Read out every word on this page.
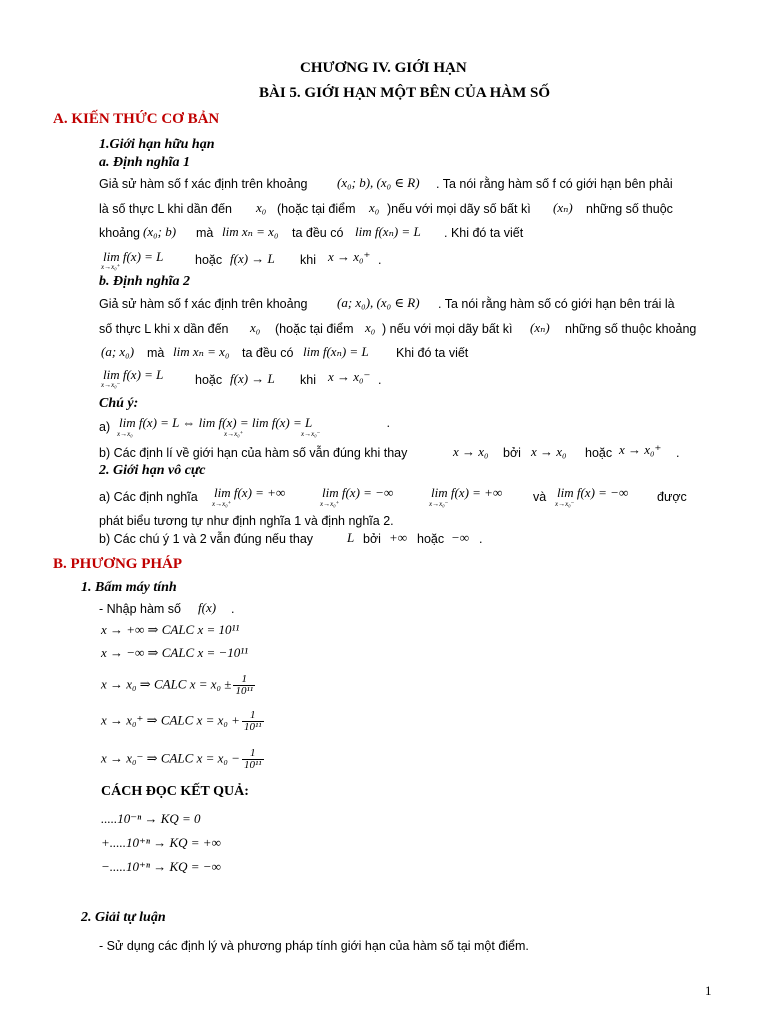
CHƯƠNG IV. GIỚI HẠN
BÀI 5. GIỚI HẠN MỘT BÊN CỦA HÀM SỐ
A. KIẾN THỨC CƠ BẢN
1.Giới hạn hữu hạn
a. Định nghĩa 1
Giả sử hàm số f xác định trên khoảng (x₀; b), (x₀ ∈ R) . Ta nói rằng hàm số f có giới hạn bên phải
là số thực L khi dần đến x₀ (hoặc tại điểm x₀ )nếu với mọi dãy số bất kì (xₙ) những số thuộc
khoảng (x₀; b) mà lim xₙ = x₀ ta đều có lim f(xₙ) = L . Khi đó ta viết
lim f(x) = L
x→x₀⁺	hoặc f(x) → L khi x → x₀⁺ .
b. Định nghĩa 2
Giả sử hàm số f xác định trên khoảng (a; x₀), (x₀ ∈ R) . Ta nói rằng hàm số có giới hạn bên trái là
số thực L khi x dần đến x₀ (hoặc tại điểm x₀ ) nếu với mọi dãy bất kì (xₙ) những số thuộc khoảng
(a; x₀) mà lim xₙ = x₀ ta đều có lim f(xₙ) = L Khi đó ta viết
lim f(x) = L
x→x₀⁻	hoặc f(x) → L khi x → x₀⁻ .
Chú ý:
a) lim f(x) = L ⇔ lim f(x) = lim f(x) = L
x→x₀	x→x₀⁺	x→x₀⁻
.
b) Các định lí về giới hạn của hàm số vẫn đúng khi thay	x → x₀ bởi x → x₀ hoặc x → x₀⁺ .
2. Giới hạn vô cực
a) Các định nghĩa lim f(x) = +∞	lim f(x) = −∞	lim f(x) = +∞ và lim f(x) = −∞ được
x→x₀⁺	x→x₀⁺	x→x₀⁻	x→x₀⁻
phát biểu tương tự như định nghĩa 1 và định nghĩa 2.
b) Các chú ý 1 và 2 vẫn đúng nếu thay	L bởi +∞ hoặc −∞ .
B. PHƯƠNG PHÁP
1. Bấm máy tính
- Nhập hàm số f(x) .
x → +∞ ⇒ CALC x = 10¹¹
x → −∞ ⇒ CALC x = −10¹¹
x → x₀ ⇒ CALC $x = x_0 \pm \frac{1}{\text{10¹¹}}$
x → x₀⁺ ⇒ CALC $x = x_0 + \frac{1}{\text{10¹¹}}$
x → x₀⁻ ⇒ CALC $x = x_0 - \frac{1}{\text{10¹¹}}$
CÁCH ĐỌC KẾT QUẢ:
.....10⁻ⁿ → KQ = 0
+.....10⁺ⁿ → KQ = +∞
−.....10⁺ⁿ → KQ = −∞
2. Giải tự luận
- Sử dụng các định lý và phương pháp tính giới hạn của hàm số tại một điểm.
1
